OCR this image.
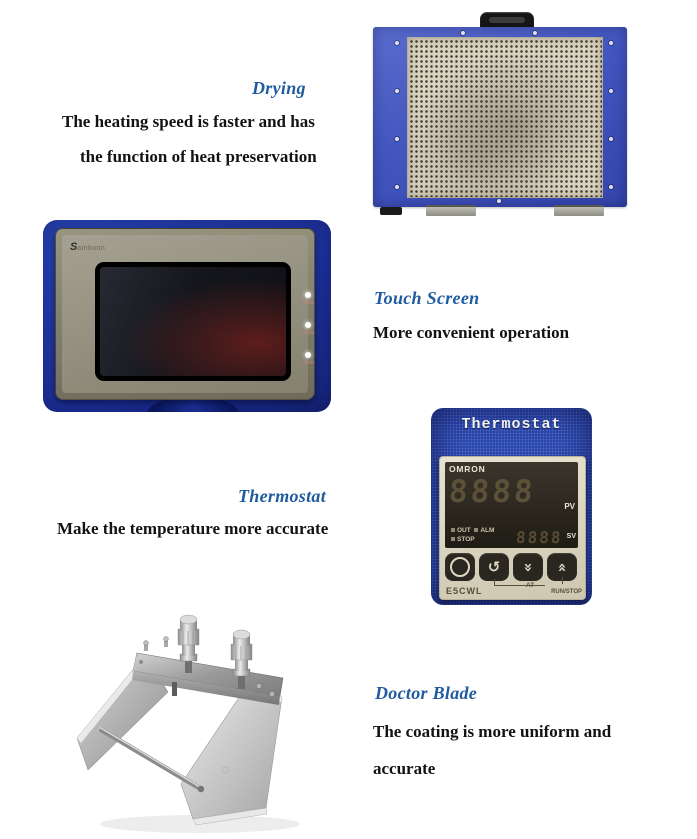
Drying
The heating speed is faster and has
the function of heat preservation
Touch Screen
More convenient operation
Samkoon
Thermostat
Make the temperature more accurate
Thermostat
OMRON
8888	PV
OUT ALM
STOP	8888 SV
↺ » »
E5CWL
AT
RUN/STOP
Doctor Blade
The coating is more uniform and
accurate
